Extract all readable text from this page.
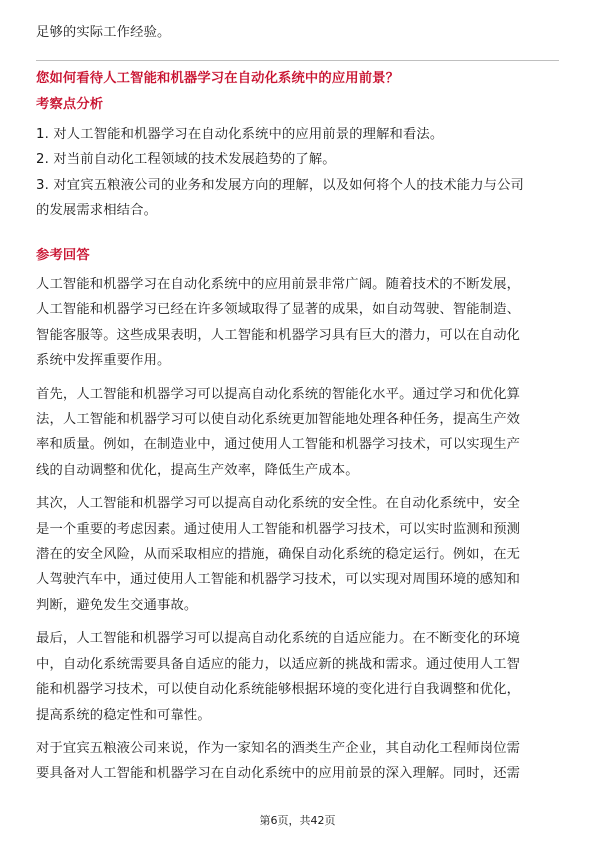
足够的实际工作经验。
您如何看待人工智能和机器学习在自动化系统中的应用前景？
考察点分析
1. 对人工智能和机器学习在自动化系统中的应用前景的理解和看法。
2. 对当前自动化工程领域的技术发展趋势的了解。
3. 对宜宾五粮液公司的业务和发展方向的理解，以及如何将个人的技术能力与公司
的发展需求相结合。
参考回答
人工智能和机器学习在自动化系统中的应用前景非常广阔。随着技术的不断发展，
人工智能和机器学习已经在许多领域取得了显著的成果，如自动驾驶、智能制造、
智能客服等。这些成果表明，人工智能和机器学习具有巨大的潜力，可以在自动化
系统中发挥重要作用。
首先，人工智能和机器学习可以提高自动化系统的智能化水平。通过学习和优化算
法，人工智能和机器学习可以使自动化系统更加智能地处理各种任务，提高生产效
率和质量。例如，在制造业中，通过使用人工智能和机器学习技术，可以实现生产
线的自动调整和优化，提高生产效率，降低生产成本。
其次，人工智能和机器学习可以提高自动化系统的安全性。在自动化系统中，安全
是一个重要的考虑因素。通过使用人工智能和机器学习技术，可以实时监测和预测
潜在的安全风险，从而采取相应的措施，确保自动化系统的稳定运行。例如，在无
人驾驶汽车中，通过使用人工智能和机器学习技术，可以实现对周围环境的感知和
判断，避免发生交通事故。
最后，人工智能和机器学习可以提高自动化系统的自适应能力。在不断变化的环境
中，自动化系统需要具备自适应的能力，以适应新的挑战和需求。通过使用人工智
能和机器学习技术，可以使自动化系统能够根据环境的变化进行自我调整和优化，
提高系统的稳定性和可靠性。
对于宜宾五粮液公司来说，作为一家知名的酒类生产企业，其自动化工程师岗位需
要具备对人工智能和机器学习在自动化系统中的应用前景的深入理解。同时，还需
第6页，共42页
